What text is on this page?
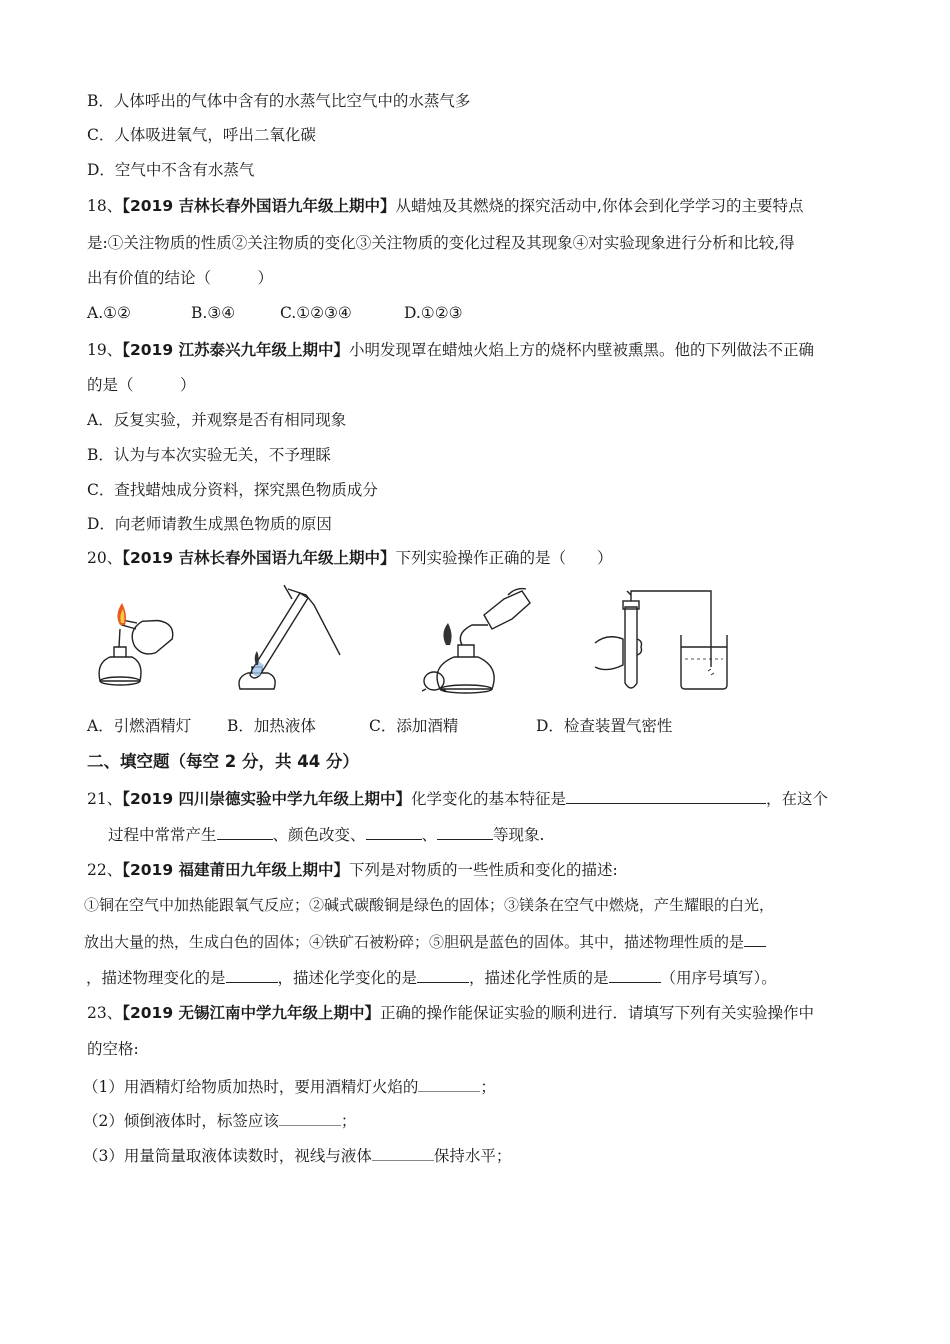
B．人体呼出的气体中含有的水蒸气比空气中的水蒸气多
C．人体吸进氧气，呼出二氧化碳
D．空气中不含有水蒸气
18、【2019 吉林长春外国语九年级上期中】从蜡烛及其燃烧的探究活动中,你体会到化学学习的主要特点
是:①关注物质的性质②关注物质的变化③关注物质的变化过程及其现象④对实验现象进行分析和比较,得
出有价值的结论（　　　）
A.①②	B.③④	C.①②③④	D.①②③
19、【2019 江苏泰兴九年级上期中】小明发现罩在蜡烛火焰上方的烧杯内壁被熏黑。他的下列做法不正确
的是（　　　）
A．反复实验，并观察是否有相同现象
B．认为与本次实验无关，不予理睬
C．查找蜡烛成分资料，探究黑色物质成分
D．向老师请教生成黑色物质的原因
20、【2019 吉林长春外国语九年级上期中】下列实验操作正确的是（　　）
A．引燃酒精灯 B．加热液体	C．添加酒精	D．检查装置气密性
二、填空题（每空 2 分，共 44 分）
21、【2019 四川崇德实验中学九年级上期中】化学变化的基本特征是	，在这个
过程中常常产生	、颜色改变、	、	等现象.
22、【2019 福建莆田九年级上期中】下列是对物质的一些性质和变化的描述:
①铜在空气中加热能跟氧气反应；②碱式碳酸铜是绿色的固体；③镁条在空气中燃烧，产生耀眼的白光，
放出大量的热，生成白色的固体；④铁矿石被粉碎；⑤胆矾是蓝色的固体。其中，描述物理性质的是
，描述物理变化的是	，描述化学变化的是	，描述化学性质的是	（用序号填写）。
23、【2019 无锡江南中学九年级上期中】正确的操作能保证实验的顺利进行．请填写下列有关实验操作中
的空格:
（1）用酒精灯给物质加热时，要用酒精灯火焰的	；
（2）倾倒液体时，标签应该	；
（3）用量筒量取液体读数时，视线与液体	保持水平；
